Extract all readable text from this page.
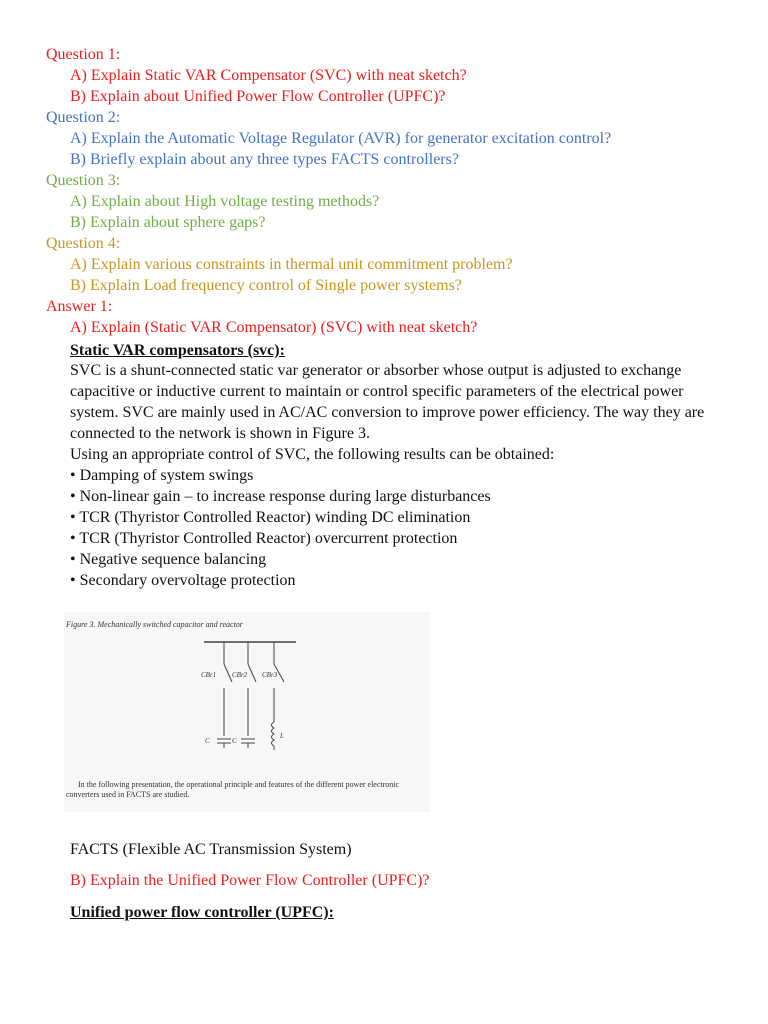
Question 1:
A) Explain Static VAR Compensator (SVC) with neat sketch?
B) Explain about Unified Power Flow Controller (UPFC)?
Question 2:
A) Explain the Automatic Voltage Regulator (AVR) for generator excitation control?
B) Briefly explain about any three types FACTS controllers?
Question 3:
A) Explain about High voltage testing methods?
B) Explain about sphere gaps?
Question 4:
A) Explain various constraints in thermal unit commitment problem?
B) Explain Load frequency control of Single power systems?
Answer 1:
A) Explain (Static VAR Compensator) (SVC) with neat sketch?
Static VAR compensators (svc):

SVC is a shunt-connected static var generator or absorber whose output is adjusted to exchange capacitive or inductive current to maintain or control specific parameters of the electrical power system. SVC are mainly used in AC/AC conversion to improve power efficiency. The way they are connected to the network is shown in Figure 3.

Using an appropriate control of SVC, the following results can be obtained:

• Damping of system swings

• Non-linear gain – to increase response during large disturbances

• TCR (Thyristor Controlled Reactor) winding DC elimination

• TCR (Thyristor Controlled Reactor) overcurrent protection

• Negative sequence balancing

• Secondary overvoltage protection

Figure 3. Mechanically switched capacitor and reactor
CBr1 CBr2 CBr3
C	C
L
In the following presentation, the operational principle and features of the different power electronic
converters used in FACTS are studied.
FACTS (Flexible AC Transmission System)
B) Explain the Unified Power Flow Controller (UPFC)?
Unified power flow controller (UPFC):
